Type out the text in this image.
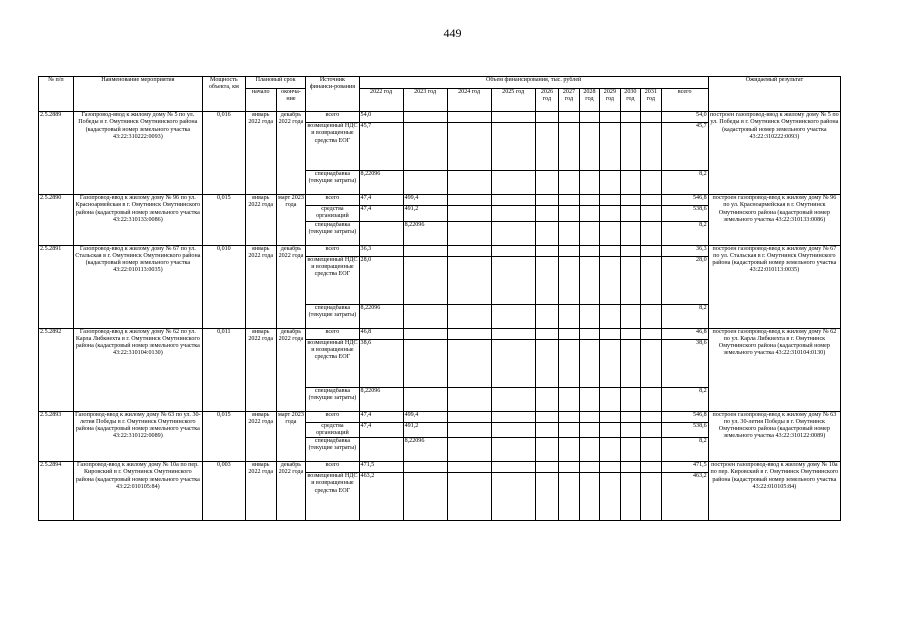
449
№ п/п	Наименование мероприятия	Мощность объекта, км	Плановый срок		Источник финанси-рования	Объем финансирования, тыс. рублей											Ожидаемый результат
			начало	оконча-ние		2022 год	2023 год	2024 год	2025 год	2026 год	2027 год	2028 год	2029 год	2030 год	2031 год	всего	

2.5.2889	Газопровод-ввод к жилому дому № 5 по ул. Победы в г. Омутнинск Омутнинского района (кадастровый номер земельного участка 43:22:310222:0093)	0,016	январь 2022 года	декабрь 2022 года	всего	54,0										54,0	построен газопровод-ввод к жилому дому № 5 по ул. Победы в г. Омутнинск Омутнинского района (кадастровый номер земельного участка 43:22:310222:0093)
					возмещенный НДС и возвращенные средства ЕОГ	45,7										45,7	
					спецнадбавка (текущие затраты)	8,22096										8,2	
2.5.2890	Газопровод-ввод к жилому дому № 96 по ул. Красноармейская в г. Омутнинск Омутнинского района (кадастровый номер земельного участка 43:22:310133:0086)	0,015	январь 2022 года	март 2023 года	всего	47,4	499,4									546,8	построен газопровод-ввод к жилому дому № 96 по ул. Красноармейская в г. Омутнинск Омутнинского района (кадастровый номер земельного участка 43:22:310133:0086)
					средства организаций	47,4	491,2									538,6	
					спецнадбавка (текущие затраты)		8,22096									8,2	
2.5.2891	Газопровод-ввод к жилому дому № 67 по ул. Стальская в г. Омутнинск Омутнинского района (кадастровый номер земельного участка 43:22:010113:0035)	0,010	январь 2022 года	декабрь 2022 года	всего	36,3										36,3	построен газопровод-ввод к жилому дому № 67 по ул. Стальская в г. Омутнинск Омутнинского района (кадастровый номер земельного участка 43:22:010113:0035)
					возмещенный НДС и возвращенные средства ЕОГ	28,0										28,0	
					спецнадбавка (текущие затраты)	8,22096										8,2	
2.5.2892	Газопровод-ввод к жилому дому № 62 по ул. Карла Либкнехта в г. Омутнинск Омутнинского района (кадастровый номер земельного участка 43:22:310104:0130)	0,011	январь 2022 года	декабрь 2022 года	всего	46,8										46,8	построен газопровод-ввод к жилому дому № 62 по ул. Карла Либкнехта в г. Омутнинск Омутнинского района (кадастровый номер земельного участка 43:22:310104:0130)
					возмещенный НДС и возвращенные средства ЕОГ	38,6										38,6	
					спецнадбавка (текущие затраты)	8,22096										8,2	
2.5.2893	Газопровод-ввод к жилому дому № 63 по ул. 30-летия Победы в г. Омутнинск Омутнинского района (кадастровый номер земельного участка 43:22:310122:0089)	0,015	январь 2022 года	март 2023 года	всего	47,4	499,4									546,8	построен газопровод-ввод к жилому дому № 63 по ул. 30-летия Победы в г. Омутнинск Омутнинского района (кадастровый номер земельного участка 43:22:310122:0089)
					средства организаций	47,4	491,2									538,6	
					спецнадбавка (текущие затраты)		8,22096									8,2	
2.5.2894	Газопровод-ввод к жилому дому № 10а по пер. Кировский в г. Омутнинск Омутнинского района (кадастровый номер земельного участка 43:22:010105:84)	0,003	январь 2022 года	декабрь 2022 года	всего	471,5										471,5	построен газопровод-ввод к жилому дому № 10а по пер. Кировский в г. Омутнинск Омутнинского района (кадастровый номер земельного участка 43:22:010105:84)
					возмещенный НДС и возвращенные средства ЕОГ	463,2										463,2	
